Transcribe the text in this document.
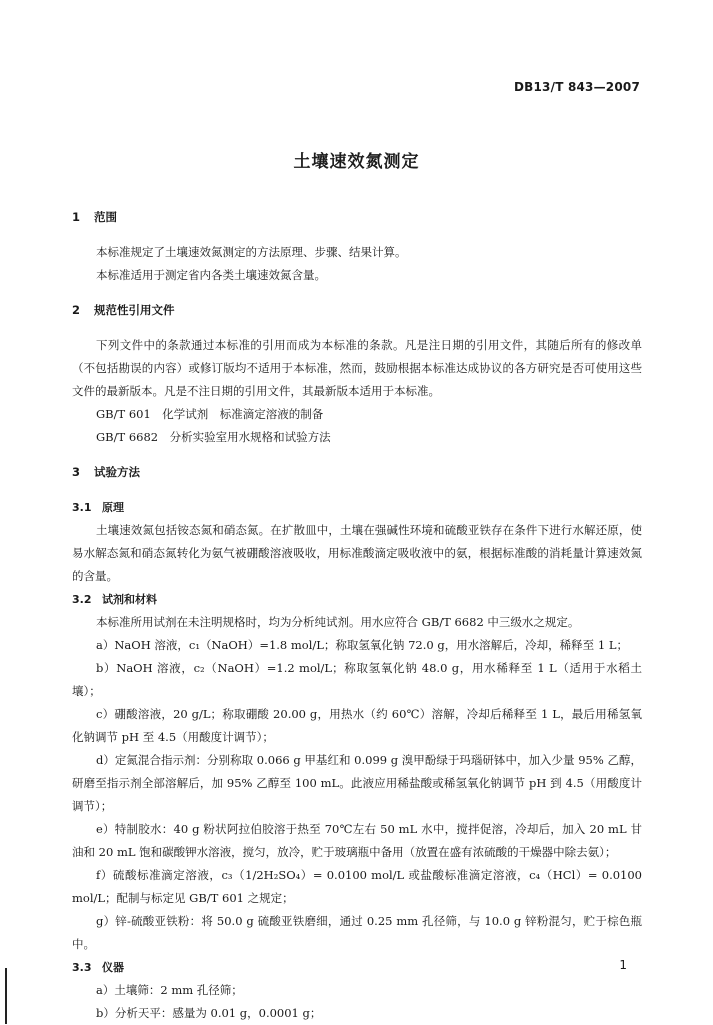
DB13/T 843—2007
土壤速效氮测定
1 范围

本标准规定了土壤速效氮测定的方法原理、步骤、结果计算。

本标准适用于测定省内各类土壤速效氮含量。

2 规范性引用文件

下列文件中的条款通过本标准的引用而成为本标准的条款。凡是注日期的引用文件，其随后所有的修改单（不包括勘误的内容）或修订版均不适用于本标准，然而，鼓励根据本标准达成协议的各方研究是否可使用这些文件的最新版本。凡是不注日期的引用文件，其最新版本适用于本标准。

GB/T 601　化学试剂　标准滴定溶液的制备

GB/T 6682　分析实验室用水规格和试验方法

3 试验方法
3.1 原理

土壤速效氮包括铵态氮和硝态氮。在扩散皿中，土壤在强碱性环境和硫酸亚铁存在条件下进行水解还原，使易水解态氮和硝态氮转化为氨气被硼酸溶液吸收，用标准酸滴定吸收液中的氨，根据标准酸的消耗量计算速效氮的含量。

3.2 试剂和材料

本标准所用试剂在未注明规格时，均为分析纯试剂。用水应符合 GB/T 6682 中三级水之规定。

a）NaOH 溶液，c₁（NaOH）=1.8 mol/L；称取氢氧化钠 72.0 g，用水溶解后，冷却，稀释至 1 L；

b）NaOH 溶液，c₂（NaOH）=1.2 mol/L；称取氢氧化钠 48.0 g，用水稀释至 1 L（适用于水稻土壤）；

c）硼酸溶液，20 g/L；称取硼酸 20.00 g，用热水（约 60℃）溶解，冷却后稀释至 1 L，最后用稀氢氧化钠调节 pH 至 4.5（用酸度计调节）；

d）定氮混合指示剂：分别称取 0.066 g 甲基红和 0.099 g 溴甲酚绿于玛瑙研钵中，加入少量 95% 乙醇，研磨至指示剂全部溶解后，加 95% 乙醇至 100 mL。此液应用稀盐酸或稀氢氧化钠调节 pH 到 4.5（用酸度计调节）；

e）特制胶水：40 g 粉状阿拉伯胶溶于热至 70℃左右 50 mL 水中，搅拌促溶，冷却后，加入 20 mL 甘油和 20 mL 饱和碳酸钾水溶液，搅匀，放冷，贮于玻璃瓶中备用（放置在盛有浓硫酸的干燥器中除去氨）；

f）硫酸标准滴定溶液，c₃（1/2H₂SO₄）= 0.0100 mol/L 或盐酸标准滴定溶液，c₄（HCl）= 0.0100 mol/L；配制与标定见 GB/T 601 之规定；

g）锌-硫酸亚铁粉：将 50.0 g 硫酸亚铁磨细，通过 0.25 mm 孔径筛，与 10.0 g 锌粉混匀，贮于棕色瓶中。

3.3 仪器

a）土壤筛：2 mm 孔径筛；

b）分析天平：感量为 0.01 g，0.0001 g；

1
